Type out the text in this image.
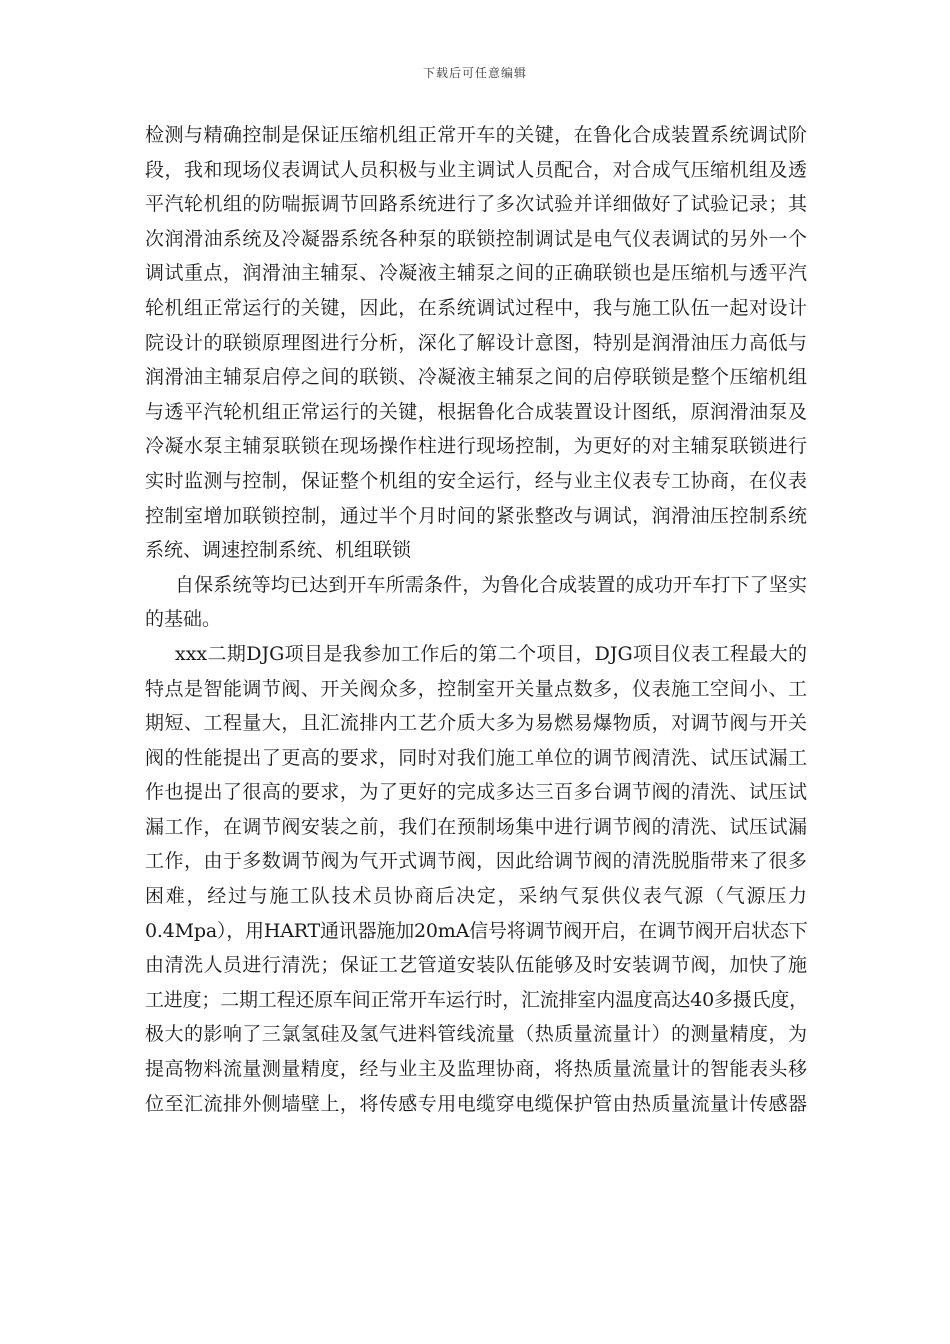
下载后可任意编辑
检测与精确控制是保证压缩机组正常开车的关键，在鲁化合成装置系统调试阶
段，我和现场仪表调试人员积极与业主调试人员配合，对合成气压缩机组及透
平汽轮机组的防喘振调节回路系统进行了多次试验并详细做好了试验记录；其
次润滑油系统及冷凝器系统各种泵的联锁控制调试是电气仪表调试的另外一个
调试重点，润滑油主辅泵、冷凝液主辅泵之间的正确联锁也是压缩机与透平汽
轮机组正常运行的关键，因此，在系统调试过程中，我与施工队伍一起对设计
院设计的联锁原理图进行分析，深化了解设计意图，特别是润滑油压力高低与
润滑油主辅泵启停之间的联锁、冷凝液主辅泵之间的启停联锁是整个压缩机组
与透平汽轮机组正常运行的关键，根据鲁化合成装置设计图纸，原润滑油泵及
冷凝水泵主辅泵联锁在现场操作柱进行现场控制，为更好的对主辅泵联锁进行
实时监测与控制，保证整个机组的安全运行，经与业主仪表专工协商，在仪表
控制室增加联锁控制，通过半个月时间的紧张整改与调试，润滑油压控制系统
系统、调速控制系统、机组联锁
自保系统等均已达到开车所需条件，为鲁化合成装置的成功开车打下了坚实
的基础。
xxx二期DJG项目是我参加工作后的第二个项目，DJG项目仪表工程最大的
特点是智能调节阀、开关阀众多，控制室开关量点数多，仪表施工空间小、工
期短、工程量大，且汇流排内工艺介质大多为易燃易爆物质，对调节阀与开关
阀的性能提出了更高的要求，同时对我们施工单位的调节阀清洗、试压试漏工
作也提出了很高的要求，为了更好的完成多达三百多台调节阀的清洗、试压试
漏工作，在调节阀安装之前，我们在预制场集中进行调节阀的清洗、试压试漏
工作，由于多数调节阀为气开式调节阀，因此给调节阀的清洗脱脂带来了很多
困难，经过与施工队技术员协商后决定，采纳气泵供仪表气源（气源压力
0.4Mpa），用HART通讯器施加20mA信号将调节阀开启，在调节阀开启状态下
由清洗人员进行清洗；保证工艺管道安装队伍能够及时安装调节阀，加快了施
工进度；二期工程还原车间正常开车运行时，汇流排室内温度高达40多摄氏度，
极大的影响了三氯氢硅及氢气进料管线流量（热质量流量计）的测量精度，为
提高物料流量测量精度，经与业主及监理协商，将热质量流量计的智能表头移
位至汇流排外侧墙壁上，将传感专用电缆穿电缆保护管由热质量流量计传感器
